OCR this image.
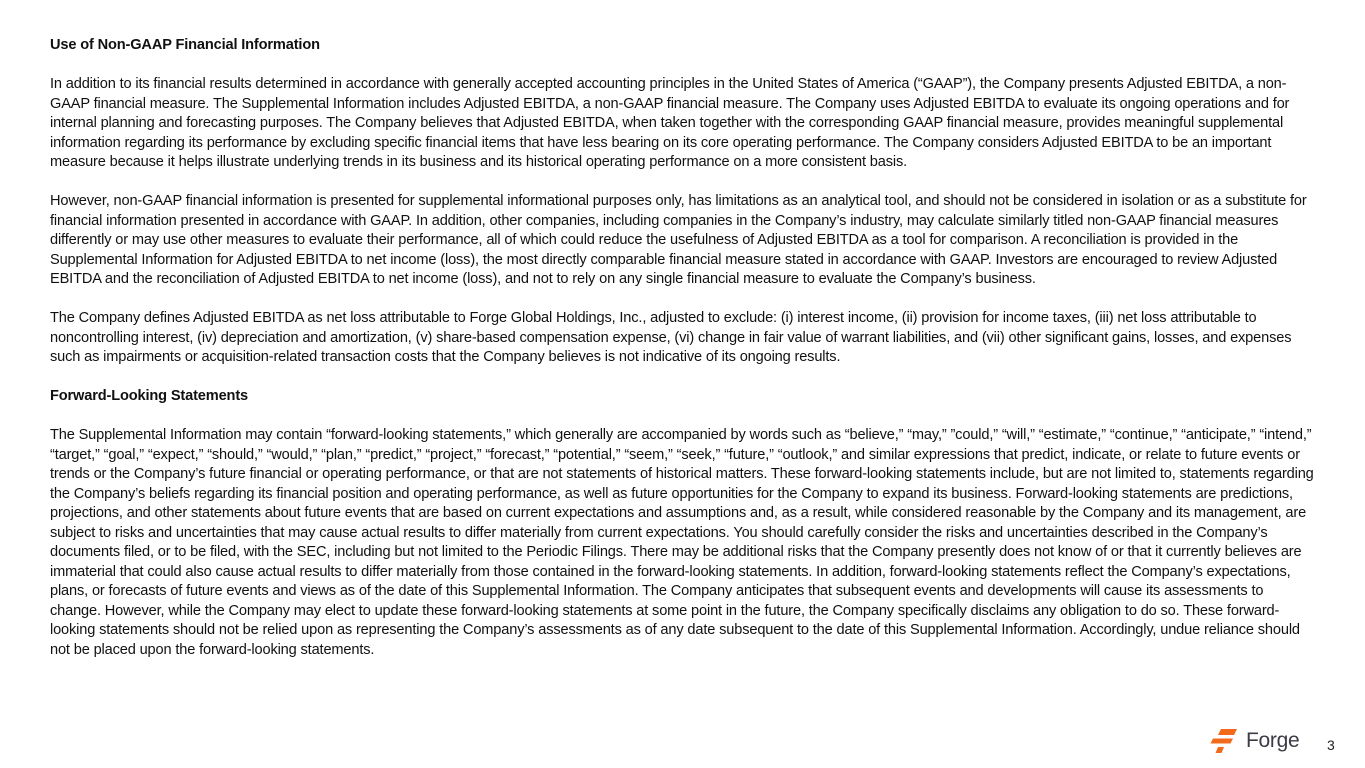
Use of Non-GAAP Financial Information

In addition to its financial results determined in accordance with generally accepted accounting principles in the United States of America (“GAAP”), the Company presents Adjusted EBITDA, a non-GAAP financial measure. The Supplemental Information includes Adjusted EBITDA, a non-GAAP financial measure. The Company uses Adjusted EBITDA to evaluate its ongoing operations and for internal planning and forecasting purposes. The Company believes that Adjusted EBITDA, when taken together with the corresponding GAAP financial measure, provides meaningful supplemental information regarding its performance by excluding specific financial items that have less bearing on its core operating performance. The Company considers Adjusted EBITDA to be an important measure because it helps illustrate underlying trends in its business and its historical operating performance on a more consistent basis.

However, non-GAAP financial information is presented for supplemental informational purposes only, has limitations as an analytical tool, and should not be considered in isolation or as a substitute for financial information presented in accordance with GAAP. In addition, other companies, including companies in the Company’s industry, may calculate similarly titled non-GAAP financial measures differently or may use other measures to evaluate their performance, all of which could reduce the usefulness of Adjusted EBITDA as a tool for comparison. A reconciliation is provided in the Supplemental Information for Adjusted EBITDA to net income (loss), the most directly comparable financial measure stated in accordance with GAAP. Investors are encouraged to review Adjusted EBITDA and the reconciliation of Adjusted EBITDA to net income (loss), and not to rely on any single financial measure to evaluate the Company’s business.

The Company defines Adjusted EBITDA as net loss attributable to Forge Global Holdings, Inc., adjusted to exclude: (i) interest income, (ii) provision for income taxes, (iii) net loss attributable to noncontrolling interest, (iv) depreciation and amortization, (v) share-based compensation expense, (vi) change in fair value of warrant liabilities, and (vii) other significant gains, losses, and expenses such as impairments or acquisition-related transaction costs that the Company believes is not indicative of its ongoing results.

Forward-Looking Statements

The Supplemental Information may contain “forward-looking statements,” which generally are accompanied by words such as “believe,” “may,” ”could,” “will,” “estimate,” “continue,” “anticipate,” “intend,” “target,” “goal,” “expect,” “should,” “would,” “plan,” “predict,” “project,” “forecast,” “potential,” “seem,” “seek,” “future,” “outlook,” and similar expressions that predict, indicate, or relate to future events or trends or the Company’s future financial or operating performance, or that are not statements of historical matters. These forward-looking statements include, but are not limited to, statements regarding the Company’s beliefs regarding its financial position and operating performance, as well as future opportunities for the Company to expand its business. Forward-looking statements are predictions, projections, and other statements about future events that are based on current expectations and assumptions and, as a result, while considered reasonable by the Company and its management, are subject to risks and uncertainties that may cause actual results to differ materially from current expectations. You should carefully consider the risks and uncertainties described in the Company’s documents filed, or to be filed, with the SEC, including but not limited to the Periodic Filings. There may be additional risks that the Company presently does not know of or that it currently believes are immaterial that could also cause actual results to differ materially from those contained in the forward-looking statements. In addition, forward-looking statements reflect the Company’s expectations, plans, or forecasts of future events and views as of the date of this Supplemental Information. The Company anticipates that subsequent events and developments will cause its assessments to change. However, while the Company may elect to update these forward-looking statements at some point in the future, the Company specifically disclaims any obligation to do so. These forward-looking statements should not be relied upon as representing the Company’s assessments as of any date subsequent to the date of this Supplemental Information. Accordingly, undue reliance should not be placed upon the forward-looking statements.

Forge 3
